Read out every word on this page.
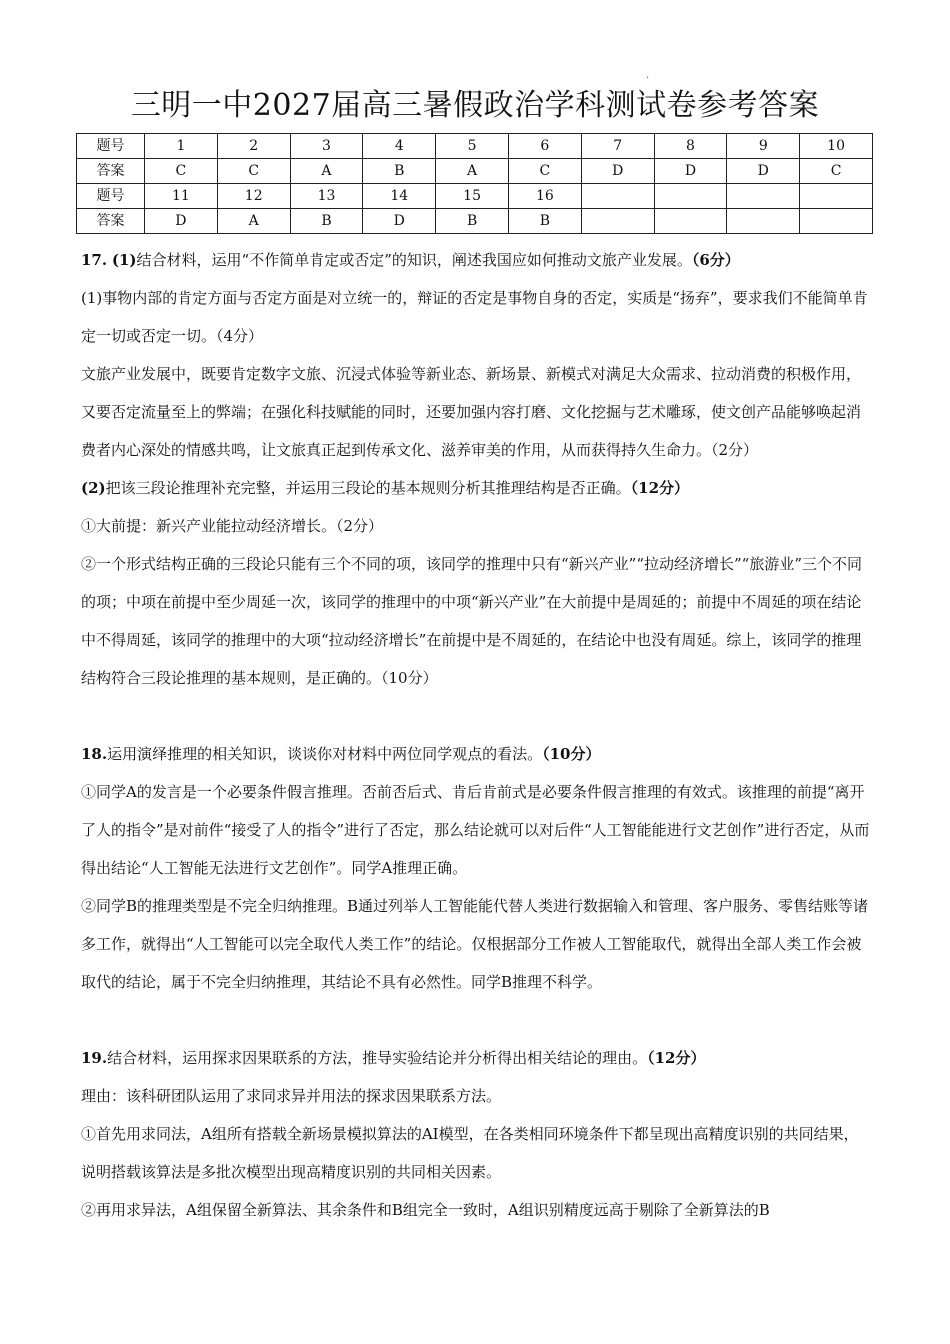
·
三明一中2027届高三暑假政治学科测试卷参考答案
题号	1	2	3	4	5	6	7	8	9	10
答案	C	C	A	B	A	C	D	D	D	C
题号	11	12	13	14	15	16				
答案	D	A	B	D	B	B				

17. (1)结合材料，运用“不作简单肯定或否定”的知识，阐述我国应如何推动文旅产业发展。（6分）

(1)事物内部的肯定方面与否定方面是对立统一的，辩证的否定是事物自身的否定，实质是“扬弃”，要求我们不能简单肯定一切或否定一切。（4分）

文旅产业发展中，既要肯定数字文旅、沉浸式体验等新业态、新场景、新模式对满足大众需求、拉动消费的积极作用，又要否定流量至上的弊端；在强化科技赋能的同时，还要加强内容打磨、文化挖掘与艺术雕琢，使文创产品能够唤起消费者内心深处的情感共鸣，让文旅真正起到传承文化、滋养审美的作用，从而获得持久生命力。（2分）

(2)把该三段论推理补充完整，并运用三段论的基本规则分析其推理结构是否正确。（12分）

①大前提：新兴产业能拉动经济增长。（2分）

②一个形式结构正确的三段论只能有三个不同的项，该同学的推理中只有“新兴产业”“拉动经济增长”“旅游业”三个不同的项；中项在前提中至少周延一次，该同学的推理中的中项“新兴产业”在大前提中是周延的；前提中不周延的项在结论中不得周延，该同学的推理中的大项“拉动经济增长”在前提中是不周延的，在结论中也没有周延。综上，该同学的推理结构符合三段论推理的基本规则，是正确的。（10分）

18.运用演绎推理的相关知识，谈谈你对材料中两位同学观点的看法。（10分）

①同学A的发言是一个必要条件假言推理。否前否后式、肯后肯前式是必要条件假言推理的有效式。该推理的前提“离开了人的指令”是对前件“接受了人的指令”进行了否定，那么结论就可以对后件“人工智能能进行文艺创作”进行否定，从而得出结论“人工智能无法进行文艺创作”。同学A推理正确。

②同学B的推理类型是不完全归纳推理。B通过列举人工智能能代替人类进行数据输入和管理、客户服务、零售结账等诸多工作，就得出“人工智能可以完全取代人类工作”的结论。仅根据部分工作被人工智能取代，就得出全部人类工作会被取代的结论，属于不完全归纳推理，其结论不具有必然性。同学B推理不科学。

19.结合材料，运用探求因果联系的方法，推导实验结论并分析得出相关结论的理由。（12分）

理由：该科研团队运用了求同求异并用法的探求因果联系方法。

①首先用求同法，A组所有搭载全新场景模拟算法的AI模型，在各类相同环境条件下都呈现出高精度识别的共同结果，说明搭载该算法是多批次模型出现高精度识别的共同相关因素。

②再用求异法，A组保留全新算法、其余条件和B组完全一致时，A组识别精度远高于剔除了全新算法的B
